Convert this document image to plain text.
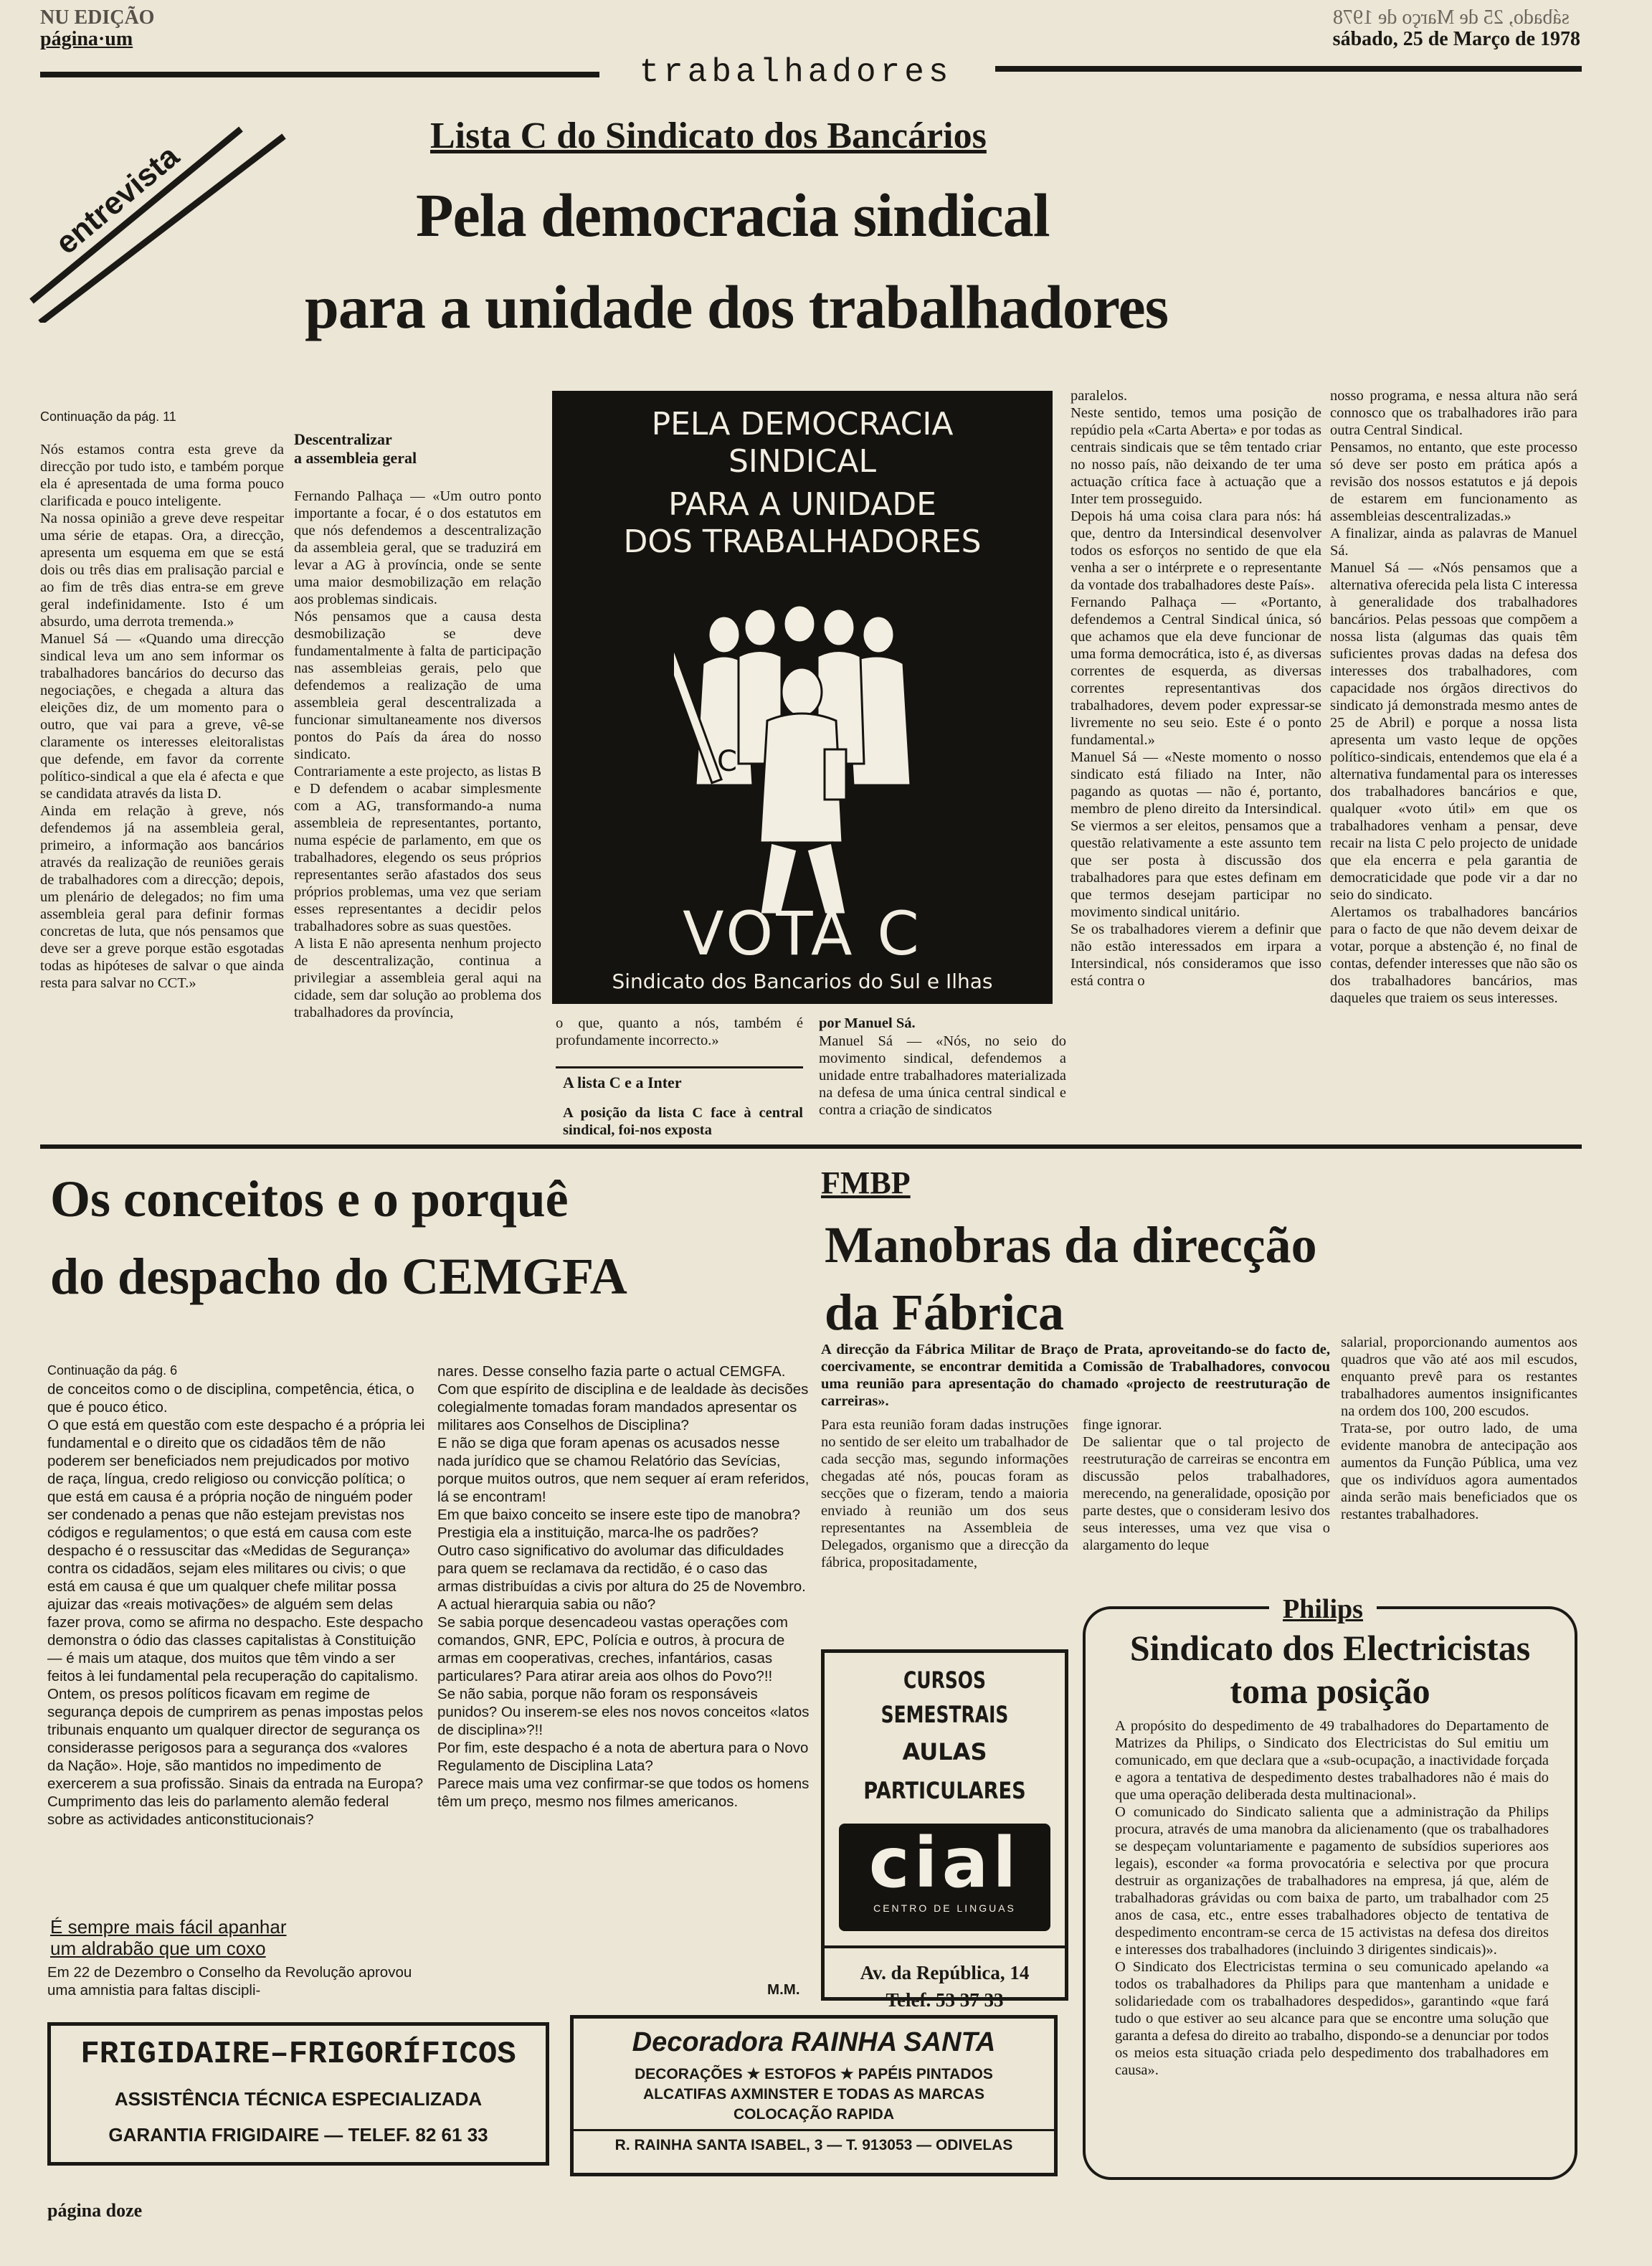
NU EDIÇÃO
página·um
sábado, 25 de Março de 1978
sábado, 25 de Março de 1978
trabalhadores
entrevista
Lista C do Sindicato dos Bancários
Pela democracia sindical
para a unidade dos trabalhadores
Continuação da pág. 11
Nós estamos contra esta greve da direcção por tudo isto, e também porque ela é apresentada de uma forma pouco clarificada e pouco inteligente.
Na nossa opinião a greve deve respeitar uma série de etapas. Ora, a direcção, apresenta um esquema em que se está dois ou três dias em pralisação parcial e ao fim de três dias entra-se em greve geral indefinidamente. Isto é um absurdo, uma derrota tremenda.»
Manuel Sá — «Quando uma direcção sindical leva um ano sem informar os trabalhadores bancários do decurso das negociações, e chegada a altura das eleições diz, de um momento para o outro, que vai para a greve, vê-se claramente os interesses eleitoralistas que defende, em favor da corrente político-sindical a que ela é afecta e que se candidata através da lista D.
Ainda em relação à greve, nós defendemos já na assembleia geral, primeiro, a informação aos bancários através da realização de reuniões gerais de trabalhadores com a direcção; depois, um plenário de delegados; no fim uma assembleia geral para definir formas concretas de luta, que nós pensamos que deve ser a greve porque estão esgotadas todas as hipóteses de salvar o que ainda resta para salvar no CCT.»
Descentralizar
a assembleia geral
Fernando Palhaça — «Um outro ponto importante a focar, é o dos estatutos em que nós defendemos a descentralização da assembleia geral, que se traduzirá em levar a AG à província, onde se sente uma maior desmobilização em relação aos problemas sindicais.
Nós pensamos que a causa desta desmobilização se deve fundamentalmente à falta de participação nas assembleias gerais, pelo que defendemos a realização de uma assembleia geral descentralizada a funcionar simultaneamente nos diversos pontos do País da área do nosso sindicato.
Contrariamente a este projecto, as listas B e D defendem o acabar simplesmente com a AG, transformando-a numa assembleia de representantes, portanto, numa espécie de parlamento, em que os trabalhadores, elegendo os seus próprios representantes serão afastados dos seus próprios problemas, uma vez que seriam esses representantes a decidir pelos trabalhadores sobre as suas questões.
A lista E não apresenta nenhum projecto de descentralização, continua a privilegiar a assembleia geral aqui na cidade, sem dar solução ao problema dos trabalhadores da província,
PELA DEMOCRACIA
SINDICAL
PARA A UNIDADE
DOS TRABALHADORES
C
VOTA C
Sindicato dos Bancarios do Sul e Ilhas
o que, quanto a nós, também é profundamente incorrecto.»
A lista C e a Inter
A posição da lista C face à central sindical, foi-nos exposta
por Manuel Sá.
Manuel Sá — «Nós, no seio do movimento sindical, defendemos a unidade entre trabalhadores materializada na defesa de uma única central sindical e contra a criação de sindicatos
paralelos.
Neste sentido, temos uma posição de repúdio pela «Carta Aberta» e por todas as centrais sindicais que se têm tentado criar no nosso país, não deixando de ter uma actuação crítica face à actuação que a Inter tem prosseguido.
Depois há uma coisa clara para nós: há que, dentro da Intersindical desenvolver todos os esforços no sentido de que ela venha a ser o intérprete e o representante da vontade dos trabalhadores deste País».
Fernando Palhaça — «Portanto, defendemos a Central Sindical única, só que achamos que ela deve funcionar de uma forma democrática, isto é, as diversas correntes de esquerda, as diversas correntes representantivas dos trabalhadores, devem poder expressar-se livremente no seu seio. Este é o ponto fundamental.»
Manuel Sá — «Neste momento o nosso sindicato está filiado na Inter, não pagando as quotas — não é, portanto, membro de pleno direito da Intersindical. Se viermos a ser eleitos, pensamos que a questão relativamente a este assunto tem que ser posta à discussão dos trabalhadores para que estes definam em que termos desejam participar no movimento sindical unitário.
Se os trabalhadores vierem a definir que não estão interessados em irpara a Intersindical, nós consideramos que isso está contra o
nosso programa, e nessa altura não será connosco que os trabalhadores irão para outra Central Sindical.
Pensamos, no entanto, que este processo só deve ser posto em prática após a revisão dos nossos estatutos e já depois de estarem em funcionamento as assembleias descentralizadas.»
A finalizar, ainda as palavras de Manuel Sá.
Manuel Sá — «Nós pensamos que a alternativa oferecida pela lista C interessa à generalidade dos trabalhadores bancários. Pelas pessoas que compõem a nossa lista (algumas das quais têm suficientes provas dadas na defesa dos interesses dos trabalhadores, com capacidade nos órgãos directivos do sindicato já demonstrada mesmo antes de 25 de Abril) e porque a nossa lista apresenta um vasto leque de opções político-sindicais, entendemos que ela é a alternativa fundamental para os interesses dos trabalhadores bancários e que, qualquer «voto útil» em que os trabalhadores venham a pensar, deve recair na lista C pelo projecto de unidade que ela encerra e pela garantia de democraticidade que pode vir a dar no seio do sindicato.
Alertamos os trabalhadores bancários para o facto de que não devem deixar de votar, porque a abstenção é, no final de contas, defender interesses que não são os dos trabalhadores bancários, mas daqueles que traiem os seus interesses.
Os conceitos e o porquê
do despacho do CEMGFA
Continuação da pág. 6
de conceitos como o de disciplina, competência, ética, o que é pouco ético.
O que está em questão com este despacho é a própria lei fundamental e o direito que os cidadãos têm de não poderem ser beneficiados nem prejudicados por motivo de raça, língua, credo religioso ou convicção política; o que está em causa é a própria noção de ninguém poder ser condenado a penas que não estejam previstas nos códigos e regulamentos; o que está em causa com este despacho é o ressuscitar das «Medidas de Segurança» contra os cidadãos, sejam eles militares ou civis; o que está em causa é que um qualquer chefe militar possa ajuizar das «reais motivações» de alguém sem delas fazer prova, como se afirma no despacho. Este despacho demonstra o ódio das classes capitalistas à Constituição — é mais um ataque, dos muitos que têm vindo a ser feitos à lei fundamental pela recuperação do capitalismo.
Ontem, os presos políticos ficavam em regime de segurança depois de cumprirem as penas impostas pelos tribunais enquanto um qualquer director de segurança os considerasse perigosos para a segurança dos «valores da Nação». Hoje, são mantidos no impedimento de exercerem a sua profissão. Sinais da entrada na Europa? Cumprimento das leis do parlamento alemão federal sobre as actividades anticonstitucionais?
É sempre mais fácil apanhar
um aldrabão que um coxo
Em 22 de Dezembro o Conselho da Revolução aprovou uma amnistia para faltas discipli-
nares. Desse conselho fazia parte o actual CEMGFA.
Com que espírito de disciplina e de lealdade às decisões colegialmente tomadas foram mandados apresentar os militares aos Conselhos de Disciplina?
E não se diga que foram apenas os acusados nesse nada jurídico que se chamou Relatório das Sevícias, porque muitos outros, que nem sequer aí eram referidos, lá se encontram!
Em que baixo conceito se insere este tipo de manobra? Prestigia ela a instituição, marca-lhe os padrões?
Outro caso significativo do avolumar das dificuldades para quem se reclamava da rectidão, é o caso das armas distribuídas a civis por altura do 25 de Novembro. A actual hierarquia sabia ou não?
Se sabia porque desencadeou vastas operações com comandos, GNR, EPC, Polícia e outros, à procura de armas em cooperativas, creches, infantários, casas particulares? Para atirar areia aos olhos do Povo?!!
Se não sabia, porque não foram os responsáveis punidos? Ou inserem-se eles nos novos conceitos «latos de disciplina»?!!
Por fim, este despacho é a nota de abertura para o Novo Regulamento de Disciplina Lata?
Parece mais uma vez confirmar-se que todos os homens têm um preço, mesmo nos filmes americanos.
M.M.
FMBP
Manobras da direcção
da Fábrica
A direcção da Fábrica Militar de Braço de Prata, aproveitando-se do facto de, coercivamente, se encontrar demitida a Comissão de Trabalhadores, convocou uma reunião para apresentação do chamado «projecto de reestruturação de carreiras».
Para esta reunião foram dadas instruções no sentido de ser eleito um trabalhador de cada secção mas, segundo informações chegadas até nós, poucas foram as secções que o fizeram, tendo a maioria enviado à reunião um dos seus representantes na Assembleia de Delegados, organismo que a direcção da fábrica, propositadamente,
finge ignorar.
De salientar que o tal projecto de reestruturação de carreiras se encontra em discussão pelos trabalhadores, merecendo, na generalidade, oposição por parte destes, que o consideram lesivo dos seus interesses, uma vez que visa o alargamento do leque
salarial, proporcionando aumentos aos quadros que vão até aos mil escudos, enquanto prevê para os restantes trabalhadores aumentos insignificantes na ordem dos 100, 200 escudos.
Trata-se, por outro lado, de uma evidente manobra de antecipação aos aumentos da Função Pública, uma vez que os indivíduos agora aumentados ainda serão mais beneficiados que os restantes trabalhadores.
CURSOS SEMESTRAIS
AULAS
PARTICULARES
cial
CENTRO DE LINGUAS
Av. da República, 14
Telef. 53 37 33
Philips
Sindicato dos Electricistas
toma posição
A propósito do despedimento de 49 trabalhadores do Departamento de Matrizes da Philips, o Sindicato dos Electricistas do Sul emitiu um comunicado, em que declara que a «sub-ocupação, a inactividade forçada e agora a tentativa de despedimento destes trabalhadores não é mais do que uma operação deliberada desta multinacional».
O comunicado do Sindicato salienta que a administração da Philips procura, através de uma manobra da alicienamento (que os trabalhadores se despeçam voluntariamente e pagamento de subsídios superiores aos legais), esconder «a forma provocatória e selectiva por que procura destruir as organizações de trabalhadores na empresa, já que, além de trabalhadoras grávidas ou com baixa de parto, um trabalhador com 25 anos de casa, etc., entre esses trabalhadores objecto de tentativa de despedimento encontram-se cerca de 15 activistas na defesa dos direitos e interesses dos trabalhadores (incluindo 3 dirigentes sindicais)».
O Sindicato dos Electricistas termina o seu comunicado apelando «a todos os trabalhadores da Philips para que mantenham a unidade e solidariedade com os trabalhadores despedidos», garantindo «que fará tudo o que estiver ao seu alcance para que se encontre uma solução que garanta a defesa do direito ao trabalho, dispondo-se a denunciar por todos os meios esta situação criada pelo despedimento dos trabalhadores em causa».
FRIGIDAIRE–FRIGORÍFICOS
ASSISTÊNCIA TÉCNICA ESPECIALIZADA
GARANTIA FRIGIDAIRE — TELEF. 82 61 33
Decoradora RAINHA SANTA
DECORAÇÕES ★ ESTOFOS ★ PAPÉIS PINTADOS
ALCATIFAS AXMINSTER E TODAS AS MARCAS
COLOCAÇÃO RAPIDA
R. RAINHA SANTA ISABEL, 3 — T. 913053 — ODIVELAS
página doze
